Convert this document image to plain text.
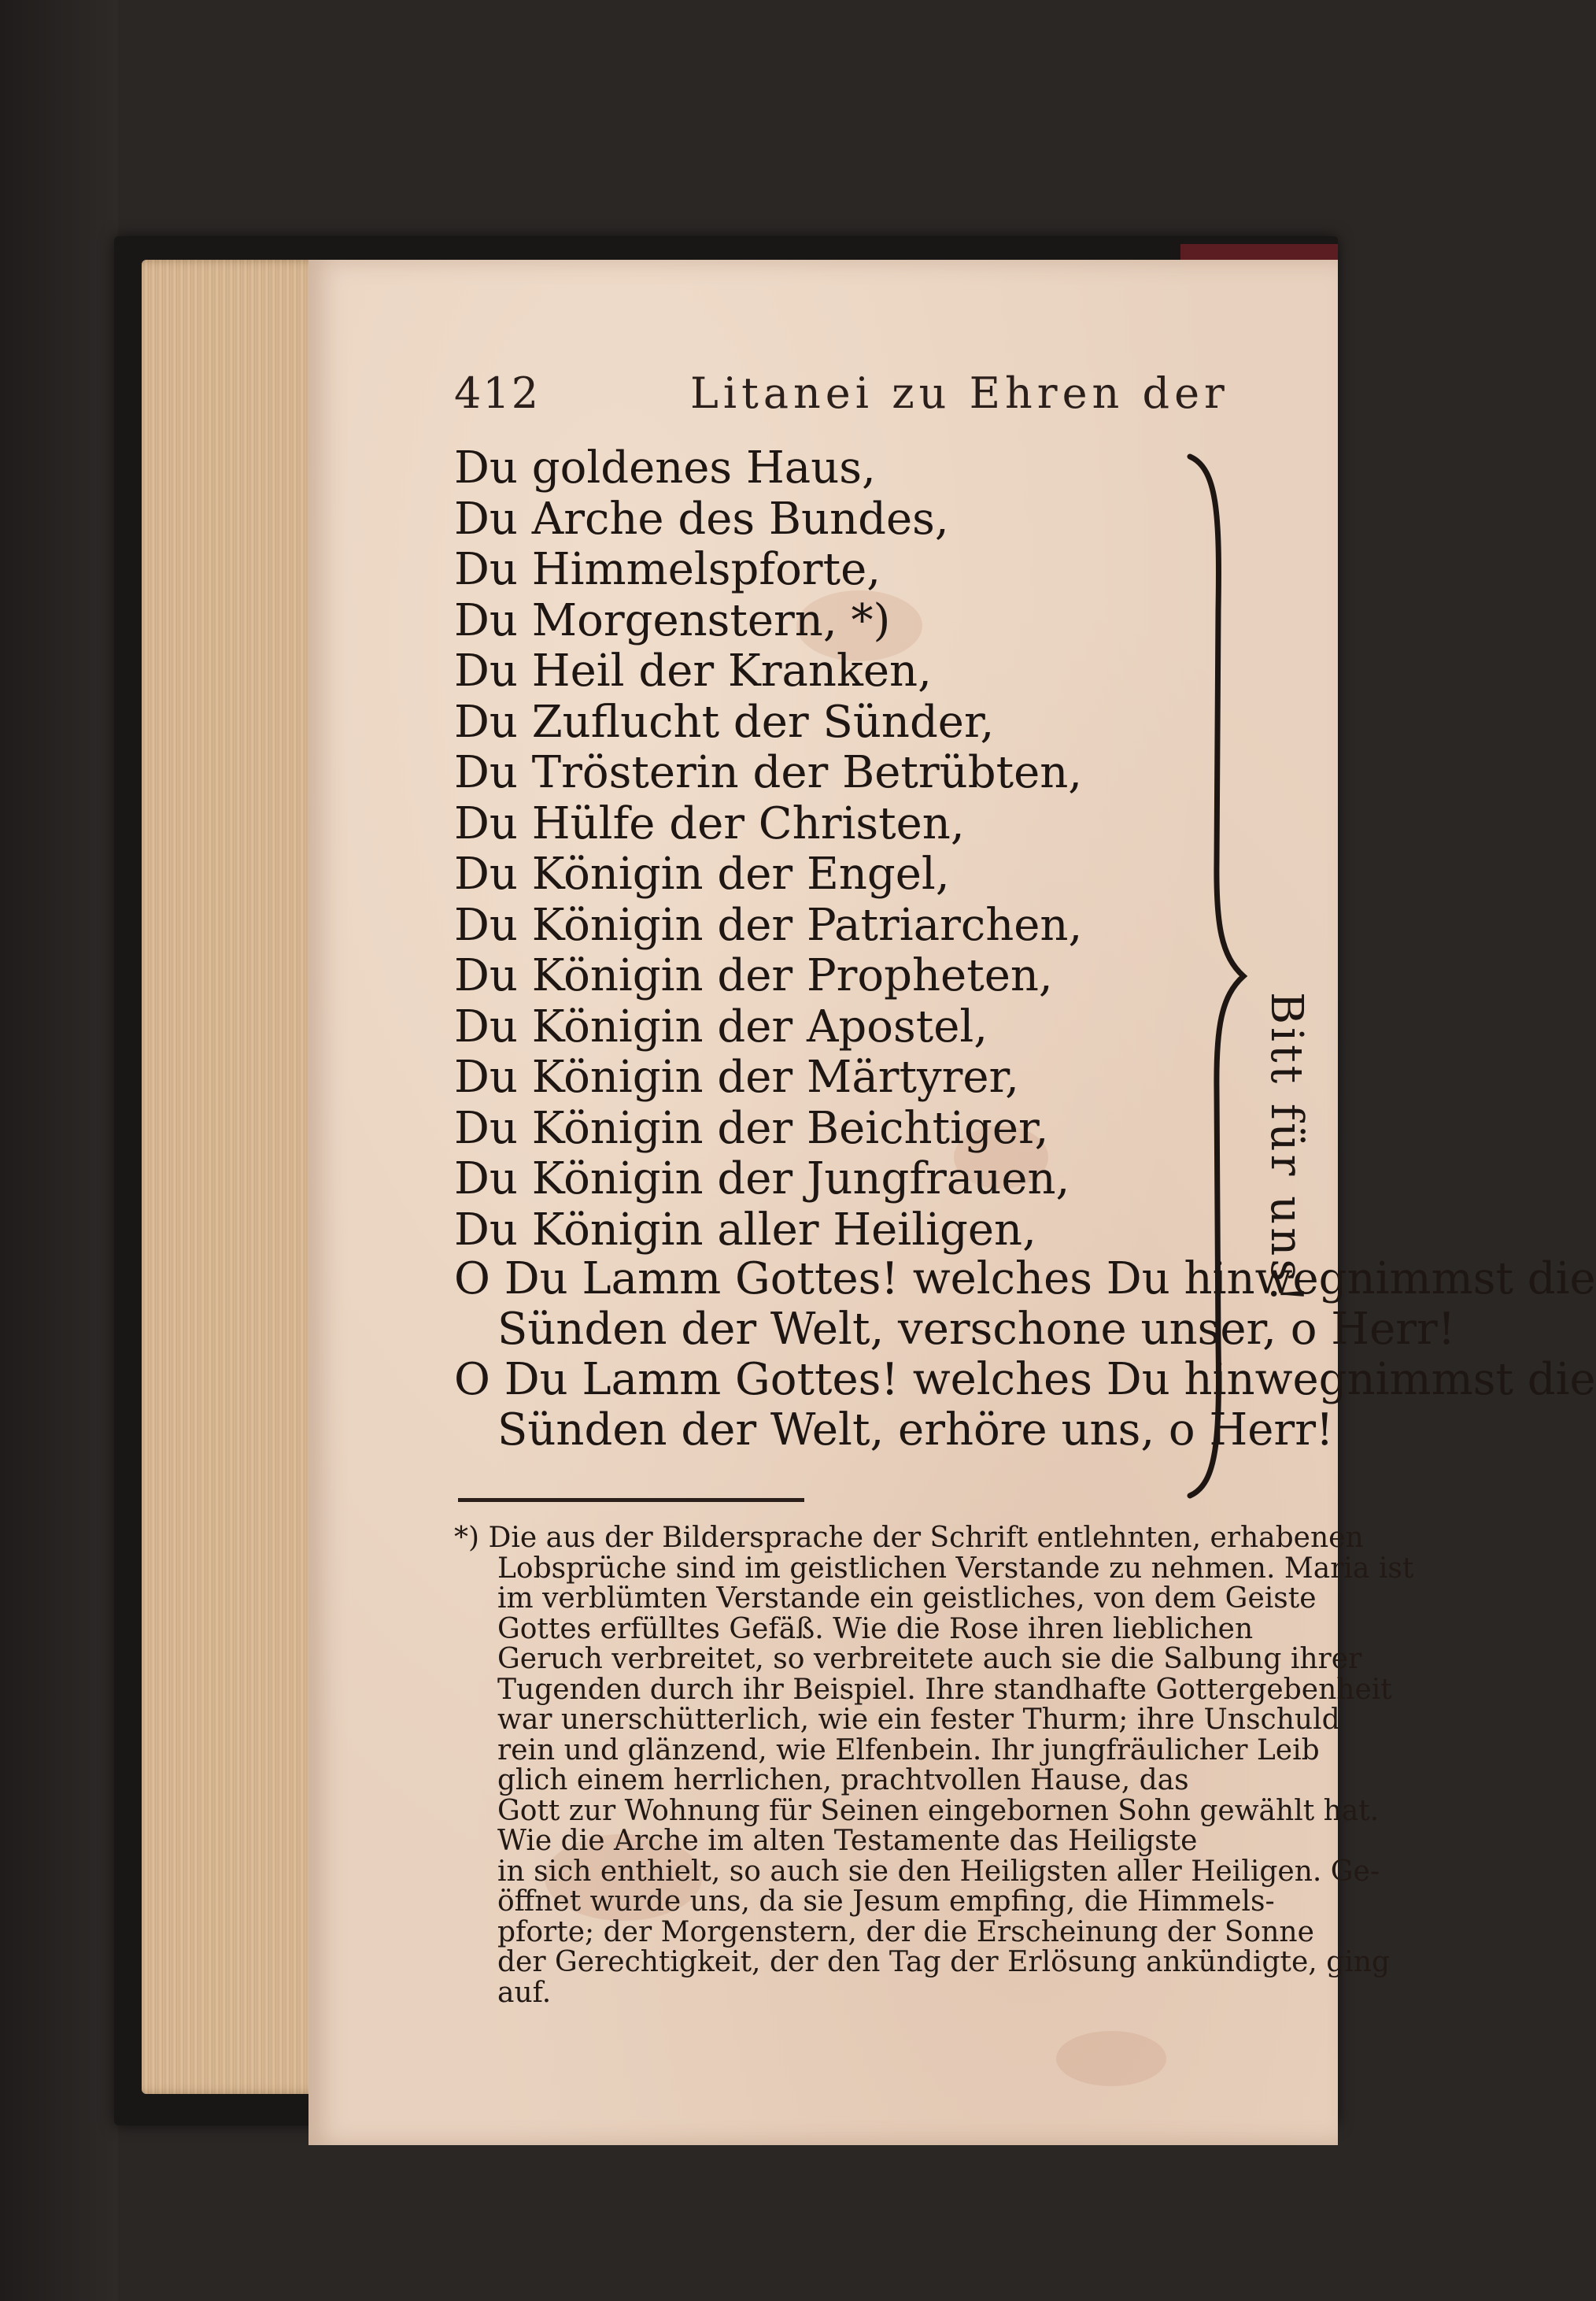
412	Litanei zu Ehren der
Du goldenes Haus,
Du Arche des Bundes,
Du Himmelspforte,
Du Morgenstern, *)
Du Heil der Kranken,
Du Zuflucht der Sünder,
Du Trösterin der Betrübten,
Du Hülfe der Christen,
Du Königin der Engel,
Du Königin der Patriarchen,
Du Königin der Propheten,
Du Königin der Apostel,
Du Königin der Märtyrer,
Du Königin der Beichtiger,
Du Königin der Jungfrauen,
Du Königin aller Heiligen,	Bitt für uns!
O Du Lamm Gottes! welches Du hinwegnimmst die
Sünden der Welt, verschone unser, o Herr!
O Du Lamm Gottes! welches Du hinwegnimmst die
Sünden der Welt, erhöre uns, o Herr!
*) Die aus der Bildersprache der Schrift entlehnten, erhabenen
Lobsprüche sind im geistlichen Verstande zu nehmen. Maria ist
im verblümten Verstande ein geistliches, von dem Geiste
Gottes erfülltes Gefäß. Wie die Rose ihren lieblichen
Geruch verbreitet, so verbreitete auch sie die Salbung ihrer
Tugenden durch ihr Beispiel. Ihre standhafte Gottergebenheit
war unerschütterlich, wie ein fester Thurm; ihre Unschuld
rein und glänzend, wie Elfenbein. Ihr jungfräulicher Leib
glich einem herrlichen, prachtvollen Hause, das
Gott zur Wohnung für Seinen eingebornen Sohn gewählt hat.
Wie die Arche im alten Testamente das Heiligste
in sich enthielt, so auch sie den Heiligsten aller Heiligen. Ge-
öffnet wurde uns, da sie Jesum empfing, die Himmels-
pforte; der Morgenstern, der die Erscheinung der Sonne
der Gerechtigkeit, der den Tag der Erlösung ankündigte, ging
auf.
